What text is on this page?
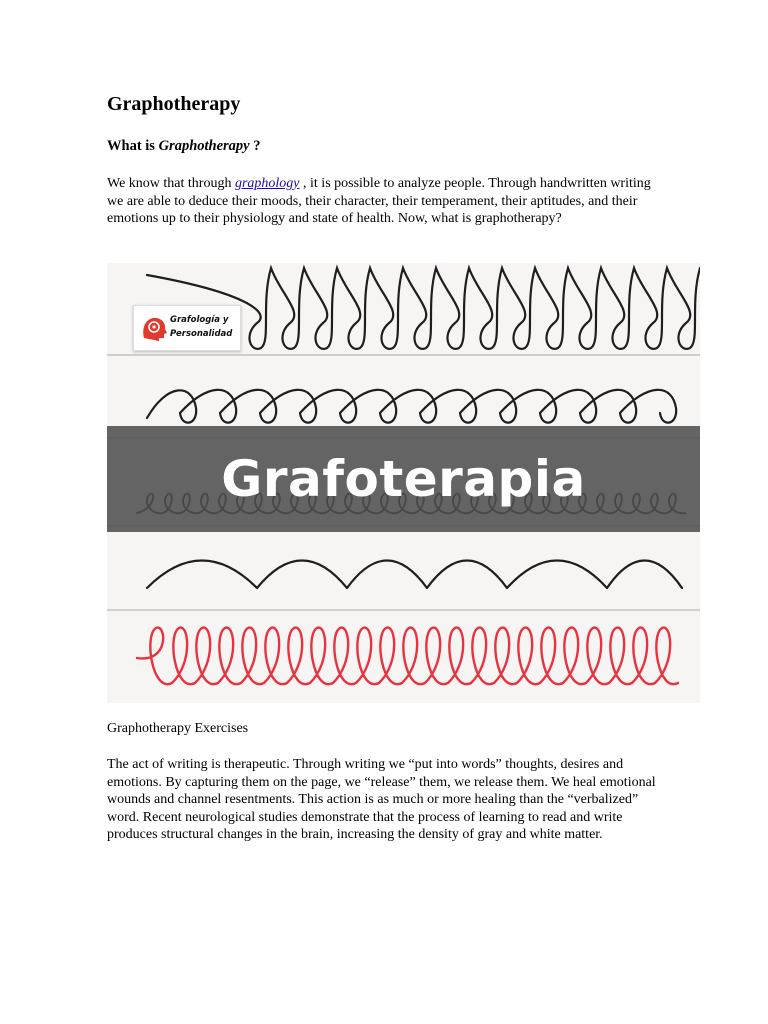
Graphotherapy
What is Graphotherapy ?

We know that through graphology , it is possible to analyze people. Through handwritten writing we are able to deduce their moods, their character, their temperament, their aptitudes, and their emotions up to their physiology and state of health. Now, what is graphotherapy?

Grafología y
Personalidad
Grafoterapia

Graphotherapy Exercises

The act of writing is therapeutic. Through writing we “put into words” thoughts, desires and emotions. By capturing them on the page, we “release” them, we release them. We heal emotional wounds and channel resentments. This action is as much or more healing than the “verbalized” word. Recent neurological studies demonstrate that the process of learning to read and write produces structural changes in the brain, increasing the density of gray and white matter.
